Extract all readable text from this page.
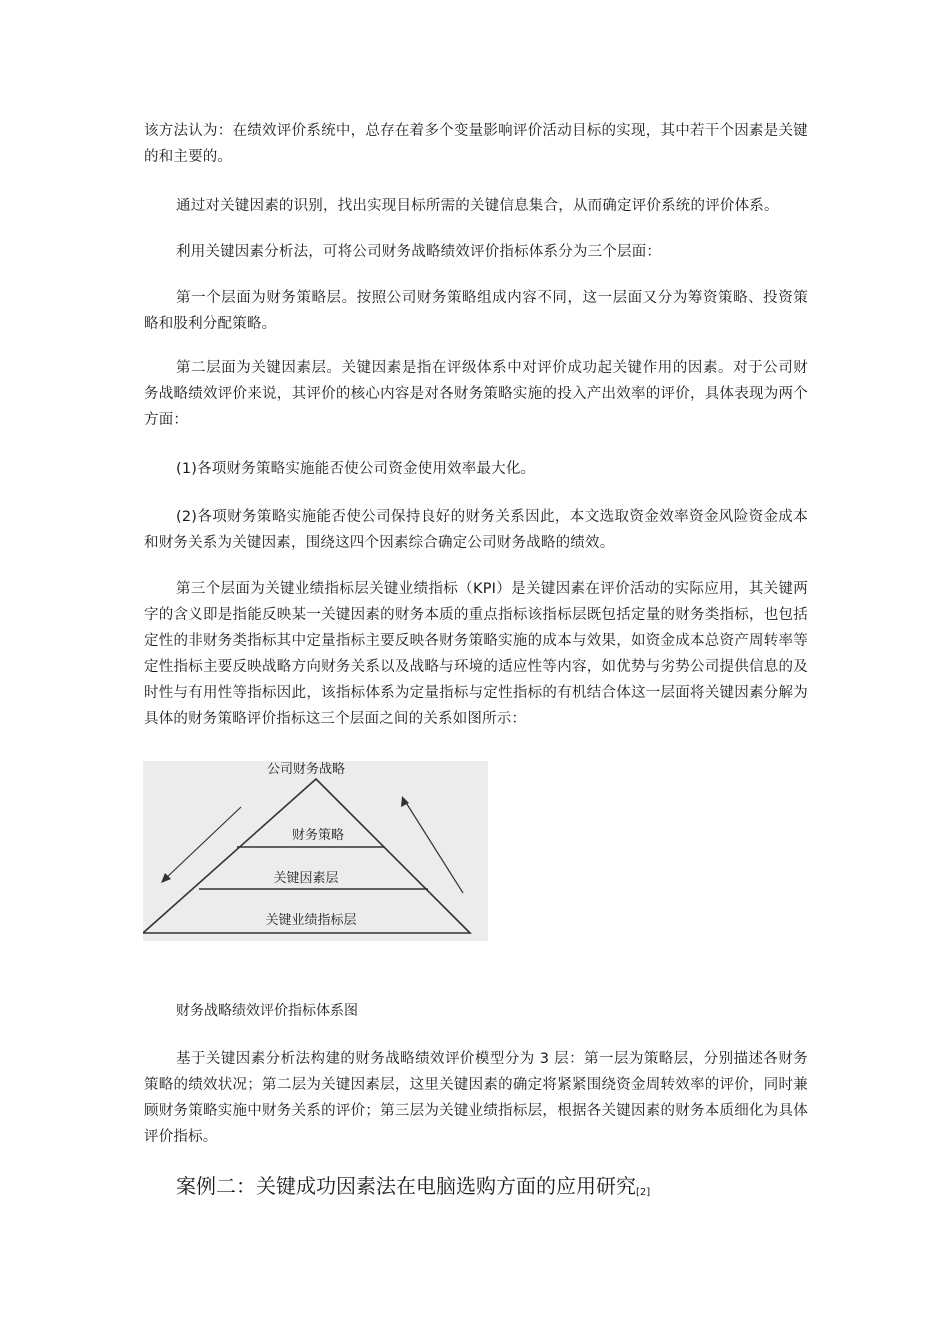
该方法认为：在绩效评价系统中，总存在着多个变量影响评价活动目标的实现，其中若干个因素是关键的和主要的。

通过对关键因素的识别，找出实现目标所需的关键信息集合，从而确定评价系统的评价体系。

利用关键因素分析法，可将公司财务战略绩效评价指标体系分为三个层面：

第一个层面为财务策略层。按照公司财务策略组成内容不同，这一层面又分为筹资策略、投资策略和股利分配策略。

第二层面为关键因素层。关键因素是指在评级体系中对评价成功起关键作用的因素。对于公司财务战略绩效评价来说，其评价的核心内容是对各财务策略实施的投入产出效率的评价，具体表现为两个方面：

(1)各项财务策略实施能否使公司资金使用效率最大化。

(2)各项财务策略实施能否使公司保持良好的财务关系因此，本文选取资金效率资金风险资金成本和财务关系为关键因素，围绕这四个因素综合确定公司财务战略的绩效。

第三个层面为关键业绩指标层关键业绩指标（KPI）是关键因素在评价活动的实际应用，其关键两字的含义即是指能反映某一关键因素的财务本质的重点指标该指标层既包括定量的财务类指标，也包括定性的非财务类指标其中定量指标主要反映各财务策略实施的成本与效果，如资金成本总资产周转率等定性指标主要反映战略方向财务关系以及战略与环境的适应性等内容，如优势与劣势公司提供信息的及时性与有用性等指标因此，该指标体系为定量指标与定性指标的有机结合体这一层面将关键因素分解为具体的财务策略评价指标这三个层面之间的关系如图所示：

公司财务战略
财务策略
关键因素层
关键业绩指标层
财务战略绩效评价指标体系图

基于关键因素分析法构建的财务战略绩效评价模型分为 3 层：第一层为策略层，分别描述各财务策略的绩效状况；第二层为关键因素层，这里关键因素的确定将紧紧围绕资金周转效率的评价，同时兼顾财务策略实施中财务关系的评价；第三层为关键业绩指标层，根据各关键因素的财务本质细化为具体评价指标。

案例二：关键成功因素法在电脑选购方面的应用研究[2]
